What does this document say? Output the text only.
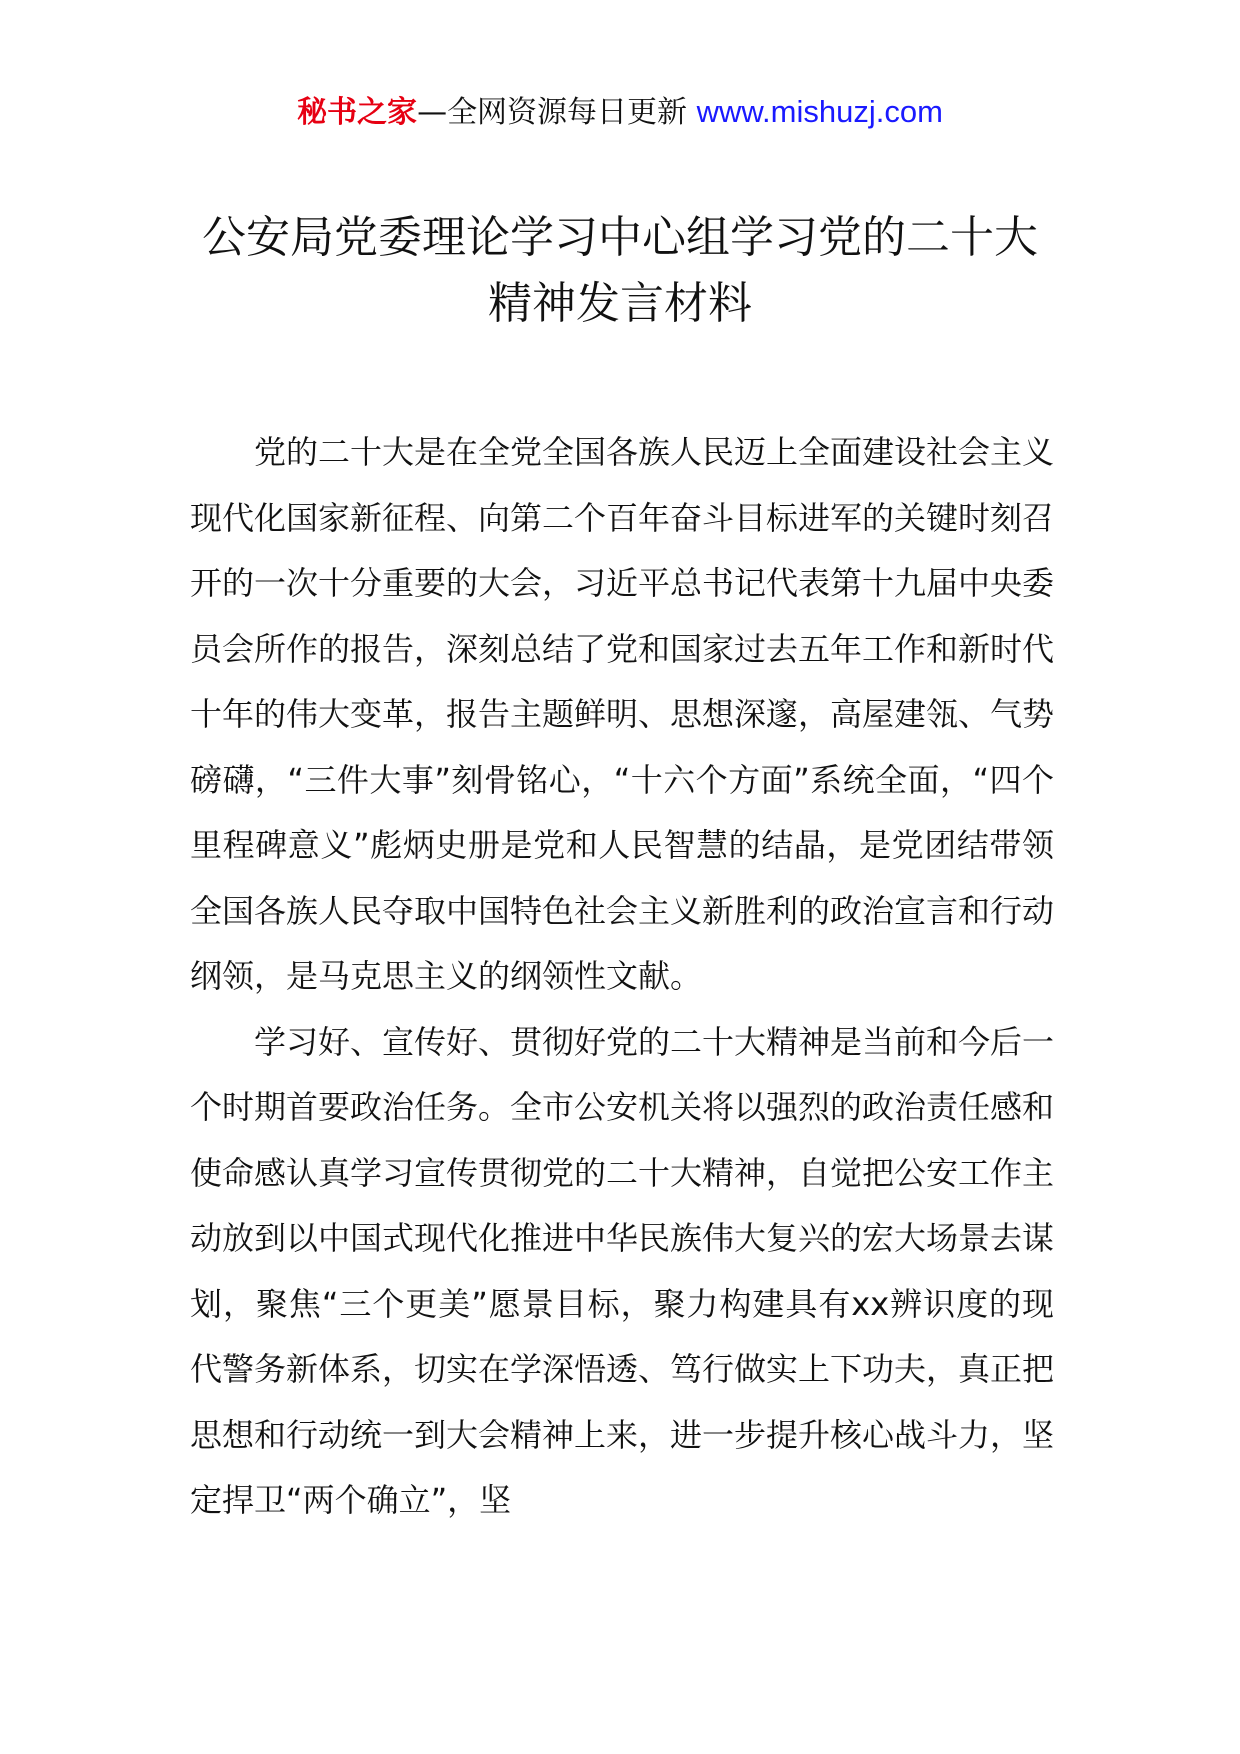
秘书之家—全网资源每日更新 www.mishuzj.com
公安局党委理论学习中心组学习党的二十大精神发言材料

党的二十大是在全党全国各族人民迈上全面建设社会主义现代化国家新征程、向第二个百年奋斗目标进军的关键时刻召开的一次十分重要的大会，习近平总书记代表第十九届中央委员会所作的报告，深刻总结了党和国家过去五年工作和新时代十年的伟大变革，报告主题鲜明、思想深邃，高屋建瓴、气势磅礴，“三件大事”刻骨铭心，“十六个方面”系统全面，“四个里程碑意义”彪炳史册是党和人民智慧的结晶，是党团结带领全国各族人民夺取中国特色社会主义新胜利的政治宣言和行动纲领，是马克思主义的纲领性文献。

学习好、宣传好、贯彻好党的二十大精神是当前和今后一个时期首要政治任务。全市公安机关将以强烈的政治责任感和使命感认真学习宣传贯彻党的二十大精神，自觉把公安工作主动放到以中国式现代化推进中华民族伟大复兴的宏大场景去谋划，聚焦“三个更美”愿景目标，聚力构建具有xx辨识度的现代警务新体系，切实在学深悟透、笃行做实上下功夫，真正把思想和行动统一到大会精神上来，进一步提升核心战斗力，坚定捍卫“两个确立”，坚
